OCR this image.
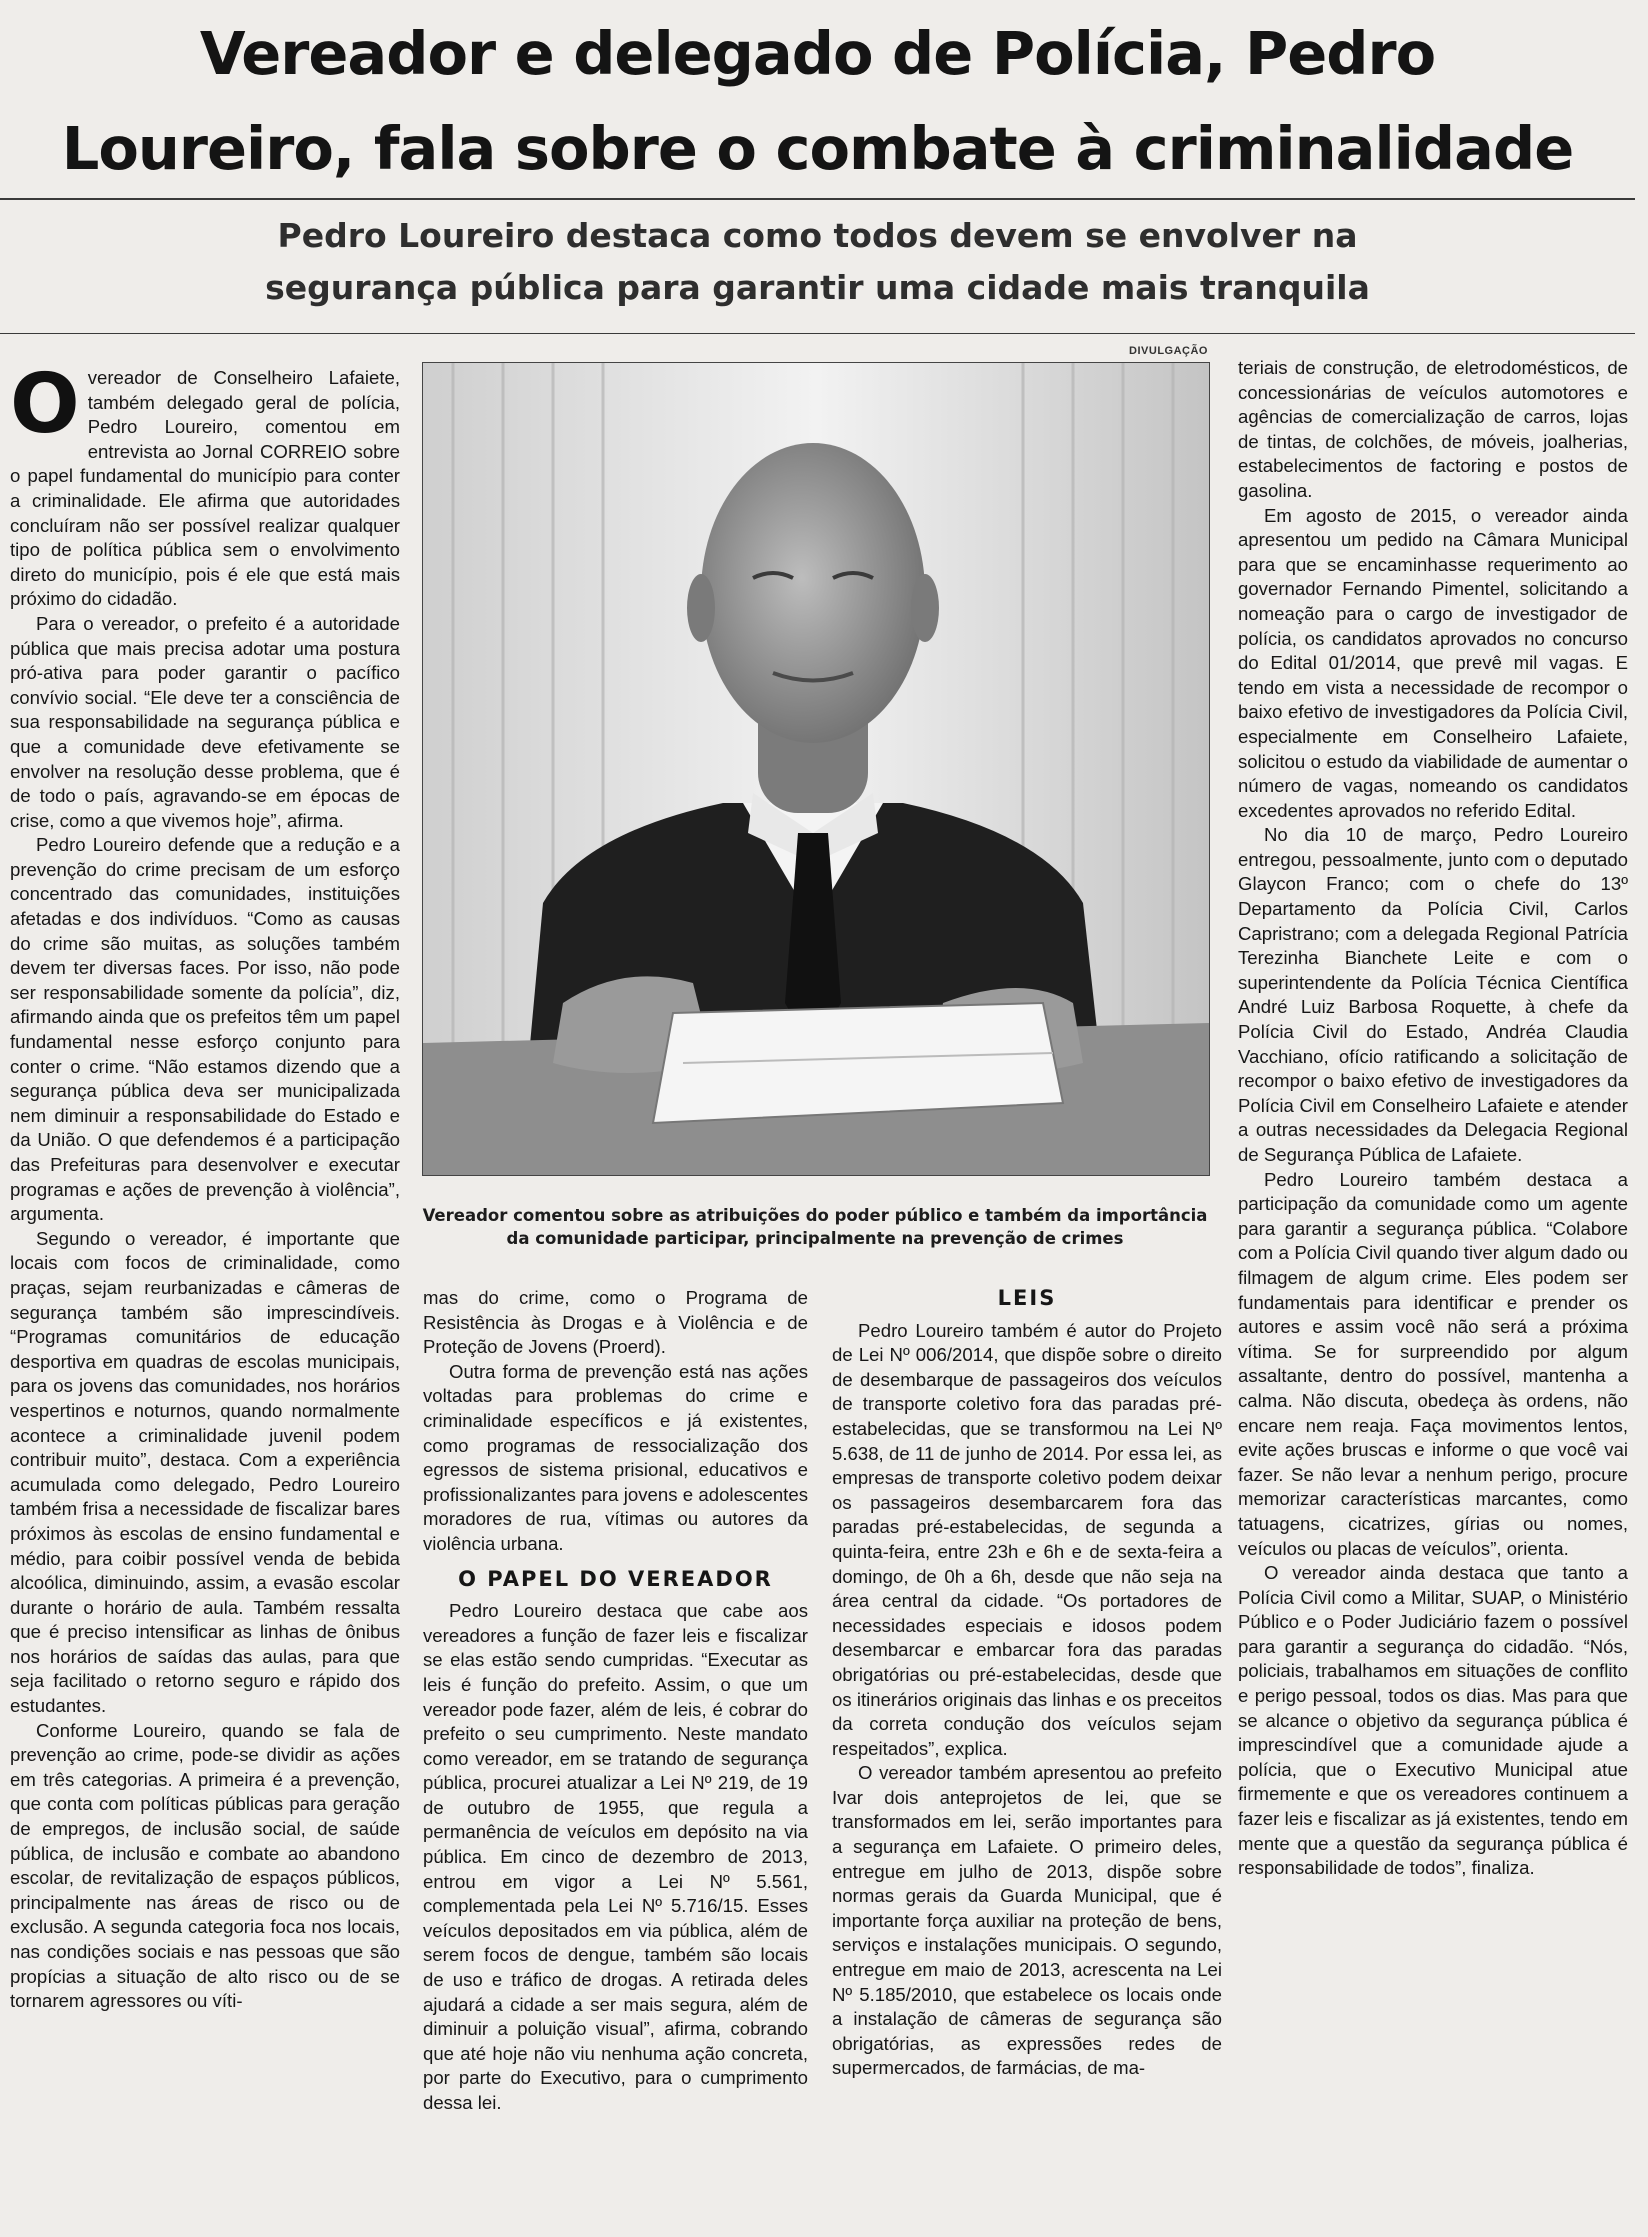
Vereador e delegado de Polícia, Pedro
Loureiro, fala sobre o combate à criminalidade
Pedro Loureiro destaca como todos devem se envolver na
segurança pública para garantir uma cidade mais tranquila

Overeador de Conselheiro Lafaiete, também delegado geral de polícia, Pedro Loureiro, comentou em entrevista ao Jornal CORREIO sobre o papel fundamental do município para conter a criminalidade. Ele afirma que autoridades concluíram não ser possível realizar qualquer tipo de política pública sem o envolvimento direto do município, pois é ele que está mais próximo do cidadão.

Para o vereador, o prefeito é a autoridade pública que mais precisa adotar uma postura pró-ativa para poder garantir o pacífico convívio social. “Ele deve ter a consciência de sua responsabilidade na segurança pública e que a comunidade deve efetivamente se envolver na resolução desse problema, que é de todo o país, agravando-se em épocas de crise, como a que vivemos hoje”, afirma.

Pedro Loureiro defende que a redução e a prevenção do crime precisam de um esforço concentrado das comunidades, instituições afetadas e dos indivíduos. “Como as causas do crime são muitas, as soluções também devem ter diversas faces. Por isso, não pode ser responsabilidade somente da polícia”, diz, afirmando ainda que os prefeitos têm um papel fundamental nesse esforço conjunto para conter o crime. “Não estamos dizendo que a segurança pública deva ser municipalizada nem diminuir a responsabilidade do Estado e da União. O que defendemos é a participação das Prefeituras para desenvolver e executar programas e ações de prevenção à violência”, argumenta.

Segundo o vereador, é importante que locais com focos de criminalidade, como praças, sejam reurbanizadas e câmeras de segurança também são imprescindíveis. “Programas comunitários de educação desportiva em quadras de escolas municipais, para os jovens das comunidades, nos horários vespertinos e noturnos, quando normalmente acontece a criminalidade juvenil podem contribuir muito”, destaca. Com a experiência acumulada como delegado, Pedro Loureiro também frisa a necessidade de fiscalizar bares próximos às escolas de ensino fundamental e médio, para coibir possível venda de bebida alcoólica, diminuindo, assim, a evasão escolar durante o horário de aula. Também ressalta que é preciso intensificar as linhas de ônibus nos horários de saídas das aulas, para que seja facilitado o retorno seguro e rápido dos estudantes.

Conforme Loureiro, quando se fala de prevenção ao crime, pode-se dividir as ações em três categorias. A primeira é a prevenção, que conta com políticas públicas para geração de empregos, de inclusão social, de saúde pública, de inclusão e combate ao abandono escolar, de revitalização de espaços públicos, principalmente nas áreas de risco ou de exclusão. A segunda categoria foca nos locais, nas condições sociais e nas pessoas que são propícias a situação de alto risco ou de se tornarem agressores ou víti-

DIVULGAÇÃO

Vereador comentou sobre as atribuições do poder público e também da importância
da comunidade participar, principalmente na prevenção de crimes

mas do crime, como o Programa de Resistência às Drogas e à Violência e de Proteção de Jovens (Proerd).

Outra forma de prevenção está nas ações voltadas para problemas do crime e criminalidade específicos e já existentes, como programas de ressocialização dos egressos de sistema prisional, educativos e profissionalizantes para jovens e adolescentes moradores de rua, vítimas ou autores da violência urbana.

O PAPEL DO VEREADOR

Pedro Loureiro destaca que cabe aos vereadores a função de fazer leis e fiscalizar se elas estão sendo cumpridas. “Executar as leis é função do prefeito. Assim, o que um vereador pode fazer, além de leis, é cobrar do prefeito o seu cumprimento. Neste mandato como vereador, em se tratando de segurança pública, procurei atualizar a Lei Nº 219, de 19 de outubro de 1955, que regula a permanência de veículos em depósito na via pública. Em cinco de dezembro de 2013, entrou em vigor a Lei Nº 5.561, complementada pela Lei Nº 5.716/15. Esses veículos depositados em via pública, além de serem focos de dengue, também são locais de uso e tráfico de drogas. A retirada deles ajudará a cidade a ser mais segura, além de diminuir a poluição visual”, afirma, cobrando que até hoje não viu nenhuma ação concreta, por parte do Executivo, para o cumprimento dessa lei.

LEIS

Pedro Loureiro também é autor do Projeto de Lei Nº 006/2014, que dispõe sobre o direito de desembarque de passageiros dos veículos de transporte coletivo fora das paradas pré-estabelecidas, que se transformou na Lei Nº 5.638, de 11 de junho de 2014. Por essa lei, as empresas de transporte coletivo podem deixar os passageiros desembarcarem fora das paradas pré-estabelecidas, de segunda a quinta-feira, entre 23h e 6h e de sexta-feira a domingo, de 0h a 6h, desde que não seja na área central da cidade. “Os portadores de necessidades especiais e idosos podem desembarcar e embarcar fora das paradas obrigatórias ou pré-estabelecidas, desde que os itinerários originais das linhas e os preceitos da correta condução dos veículos sejam respeitados”, explica.

O vereador também apresentou ao prefeito Ivar dois anteprojetos de lei, que se transformados em lei, serão importantes para a segurança em Lafaiete. O primeiro deles, entregue em julho de 2013, dispõe sobre normas gerais da Guarda Municipal, que é importante força auxiliar na proteção de bens, serviços e instalações municipais. O segundo, entregue em maio de 2013, acrescenta na Lei Nº 5.185/2010, que estabelece os locais onde a instalação de câmeras de segurança são obrigatórias, as expressões redes de supermercados, de farmácias, de ma-

teriais de construção, de eletrodomésticos, de concessionárias de veículos automotores e agências de comercialização de carros, lojas de tintas, de colchões, de móveis, joalherias, estabelecimentos de factoring e postos de gasolina.

Em agosto de 2015, o vereador ainda apresentou um pedido na Câmara Municipal para que se encaminhasse requerimento ao governador Fernando Pimentel, solicitando a nomeação para o cargo de investigador de polícia, os candidatos aprovados no concurso do Edital 01/2014, que prevê mil vagas. E tendo em vista a necessidade de recompor o baixo efetivo de investigadores da Polícia Civil, especialmente em Conselheiro Lafaiete, solicitou o estudo da viabilidade de aumentar o número de vagas, nomeando os candidatos excedentes aprovados no referido Edital.

No dia 10 de março, Pedro Loureiro entregou, pessoalmente, junto com o deputado Glaycon Franco; com o chefe do 13º Departamento da Polícia Civil, Carlos Capristrano; com a delegada Regional Patrícia Terezinha Bianchete Leite e com o superintendente da Polícia Técnica Científica André Luiz Barbosa Roquette, à chefe da Polícia Civil do Estado, Andréa Claudia Vacchiano, ofício ratificando a solicitação de recompor o baixo efetivo de investigadores da Polícia Civil em Conselheiro Lafaiete e atender a outras necessidades da Delegacia Regional de Segurança Pública de Lafaiete.

Pedro Loureiro também destaca a participação da comunidade como um agente para garantir a segurança pública. “Colabore com a Polícia Civil quando tiver algum dado ou filmagem de algum crime. Eles podem ser fundamentais para identificar e prender os autores e assim você não será a próxima vítima. Se for surpreendido por algum assaltante, dentro do possível, mantenha a calma. Não discuta, obedeça às ordens, não encare nem reaja. Faça movimentos lentos, evite ações bruscas e informe o que você vai fazer. Se não levar a nenhum perigo, procure memorizar características marcantes, como tatuagens, cicatrizes, gírias ou nomes, veículos ou placas de veículos”, orienta.

O vereador ainda destaca que tanto a Polícia Civil como a Militar, SUAP, o Ministério Público e o Poder Judiciário fazem o possível para garantir a segurança do cidadão. “Nós, policiais, trabalhamos em situações de conflito e perigo pessoal, todos os dias. Mas para que se alcance o objetivo da segurança pública é imprescindível que a comunidade ajude a polícia, que o Executivo Municipal atue firmemente e que os vereadores continuem a fazer leis e fiscalizar as já existentes, tendo em mente que a questão da segurança pública é responsabilidade de todos”, finaliza.
